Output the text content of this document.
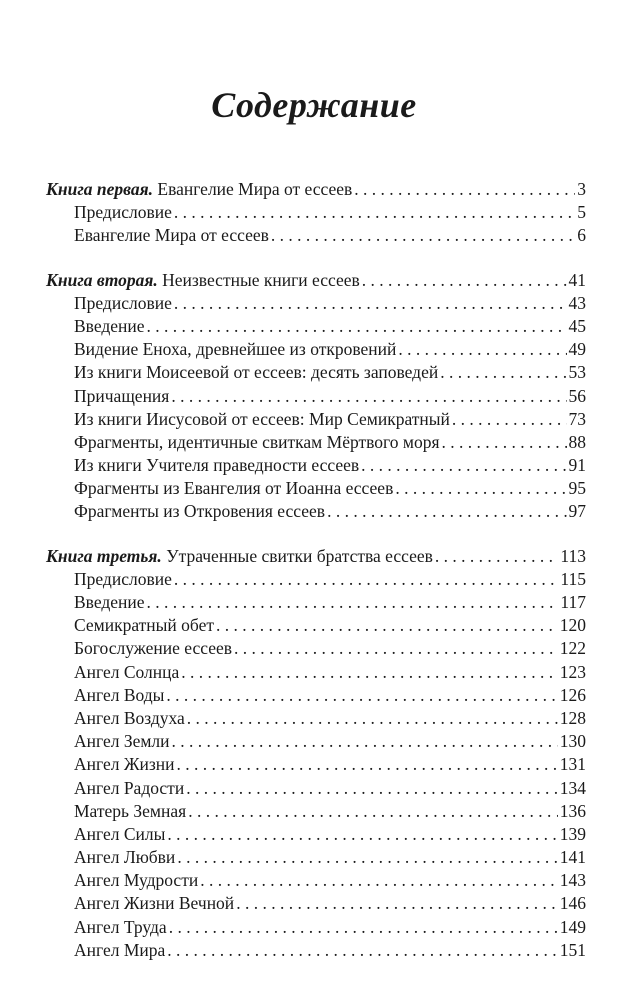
Содержание
Книга первая. Евангелие Мира от ессеев . . .	3
Предисловие . . .	5
Евангелие Мира от ессеев . . .	6
Книга вторая. Неизвестные книги ессеев . . .	41
Предисловие . . .	43
Введение . . .	45
Видение Еноха, древнейшее из откровений . . .	49
Из книги Моисеевой от ессеев: десять заповедей . . .	53
Причащения . . .	56
Из книги Иисусовой от ессеев: Мир Семикратный . . .	73
Фрагменты, идентичные свиткам Мёртвого моря . . .	88
Из книги Учителя праведности ессеев . . .	91
Фрагменты из Евангелия от Иоанна ессеев . . .	95
Фрагменты из Откровения ессеев . . .	97
Книга третья. Утраченные свитки братства ессеев . . .	113
Предисловие . . .	115
Введение . . .	117
Семикратный обет . . .	120
Богослужение ессеев . . .	122
Ангел Солнца . . .	123
Ангел Воды . . .	126
Ангел Воздуха . . .	128
Ангел Земли . . .	130
Ангел Жизни . . .	131
Ангел Радости . . .	134
Матерь Земная . . .	136
Ангел Силы . . .	139
Ангел Любви . . .	141
Ангел Мудрости . . .	143
Ангел Жизни Вечной . . .	146
Ангел Труда . . .	149
Ангел Мира . . .	151
